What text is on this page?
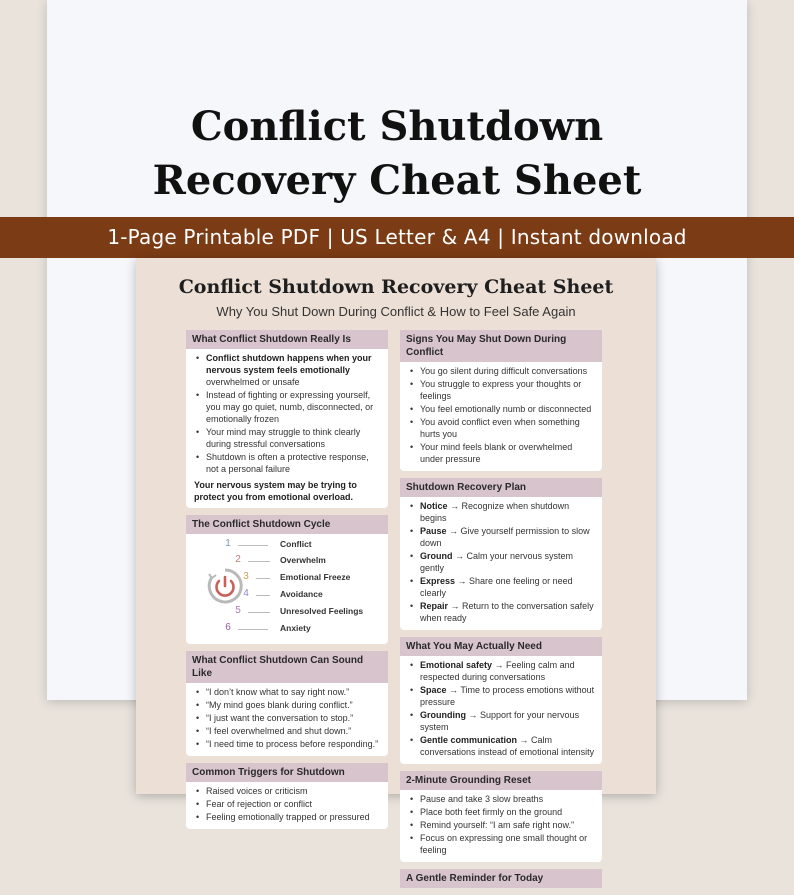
Conflict Shutdown
Recovery Cheat Sheet
1-Page Printable PDF | US Letter & A4 | Instant download
Conflict Shutdown Recovery Cheat Sheet
Why You Shut Down During Conflict & How to Feel Safe Again
What Conflict Shutdown Really Is
• Conflict shutdown happens when your nervous system feels emotionally overwhelmed or unsafe
• Instead of fighting or expressing yourself, you may go quiet, numb, disconnected, or emotionally frozen
• Your mind may struggle to think clearly during stressful conversations
• Shutdown is often a protective response, not a personal failure
Your nervous system may be trying to protect you from emotional overload.
The Conflict Shutdown Cycle
1	Conflict
2	Overwhelm
3	Emotional Freeze
4	Avoidance
5	Unresolved Feelings
6	Anxiety
What Conflict Shutdown Can Sound Like
• “I don’t know what to say right now.”
• “My mind goes blank during conflict.”
• “I just want the conversation to stop.”
• “I feel overwhelmed and shut down.”
• “I need time to process before responding.”
Common Triggers for Shutdown
• Raised voices or criticism
• Fear of rejection or conflict
• Feeling emotionally trapped or pressured
Signs You May Shut Down During Conflict
• You go silent during difficult conversations
• You struggle to express your thoughts or feelings
• You feel emotionally numb or disconnected
• You avoid conflict even when something hurts you
• Your mind feels blank or overwhelmed under pressure
Shutdown Recovery Plan
• Notice → Recognize when shutdown begins
• Pause → Give yourself permission to slow down
• Ground → Calm your nervous system gently
• Express → Share one feeling or need clearly
• Repair → Return to the conversation safely when ready
What You May Actually Need
• Emotional safety → Feeling calm and respected during conversations
• Space → Time to process emotions without pressure
• Grounding → Support for your nervous system
• Gentle communication → Calm conversations instead of emotional intensity
2-Minute Grounding Reset
• Pause and take 3 slow breaths
• Place both feet firmly on the ground
• Remind yourself: “I am safe right now.”
• Focus on expressing one small thought or feeling
A Gentle Reminder for Today
